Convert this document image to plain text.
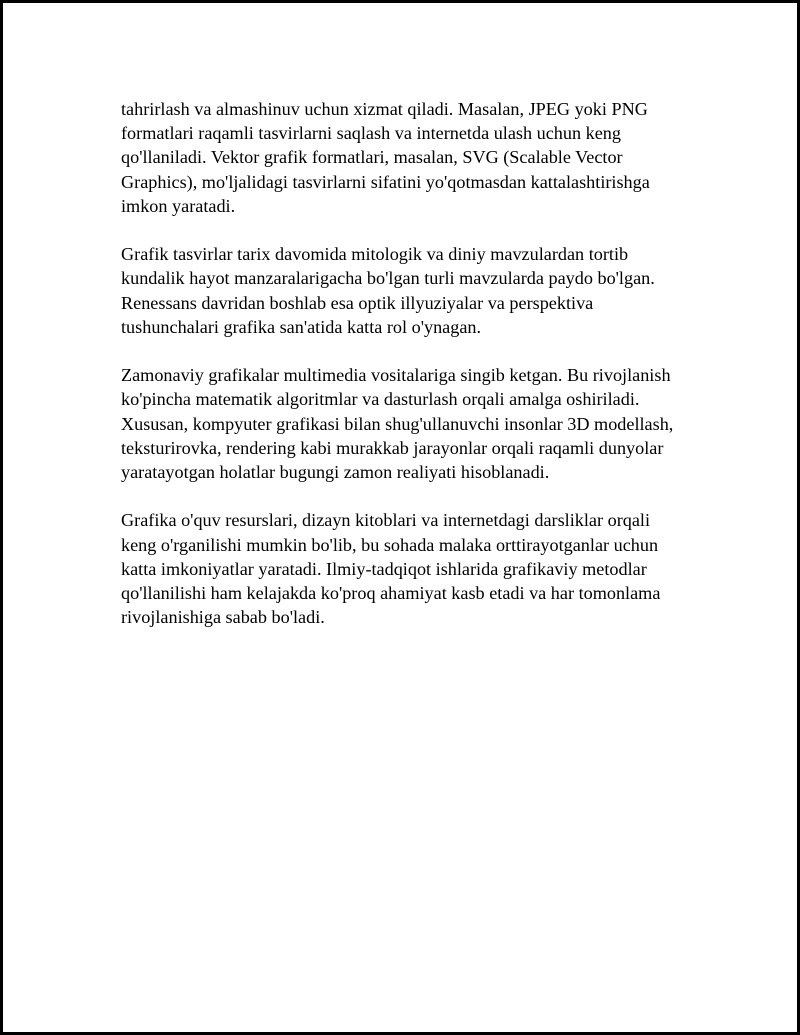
tahrirlash va almashinuv uchun xizmat qiladi. Masalan, JPEG yoki PNG
formatlari raqamli tasvirlarni saqlash va internetda ulash uchun keng
qo'llaniladi. Vektor grafik formatlari, masalan, SVG (Scalable Vector
Graphics), mo'ljalidagi tasvirlarni sifatini yo'qotmasdan kattalashtirishga
imkon yaratadi.

Grafik tasvirlar tarix davomida mitologik va diniy mavzulardan tortib
kundalik hayot manzaralarigacha bo'lgan turli mavzularda paydo bo'lgan.
Renessans davridan boshlab esa optik illyuziyalar va perspektiva
tushunchalari grafika san'atida katta rol o'ynagan.

Zamonaviy grafikalar multimedia vositalariga singib ketgan. Bu rivojlanish
ko'pincha matematik algoritmlar va dasturlash orqali amalga oshiriladi.
Xususan, kompyuter grafikasi bilan shug'ullanuvchi insonlar 3D modellash,
teksturirovka, rendering kabi murakkab jarayonlar orqali raqamli dunyolar
yaratayotgan holatlar bugungi zamon realiyati hisoblanadi.

Grafika o'quv resurslari, dizayn kitoblari va internetdagi darsliklar orqali
keng o'rganilishi mumkin bo'lib, bu sohada malaka orttirayotganlar uchun
katta imkoniyatlar yaratadi. Ilmiy-tadqiqot ishlarida grafikaviy metodlar
qo'llanilishi ham kelajakda ko'proq ahamiyat kasb etadi va har tomonlama
rivojlanishiga sabab bo'ladi.
